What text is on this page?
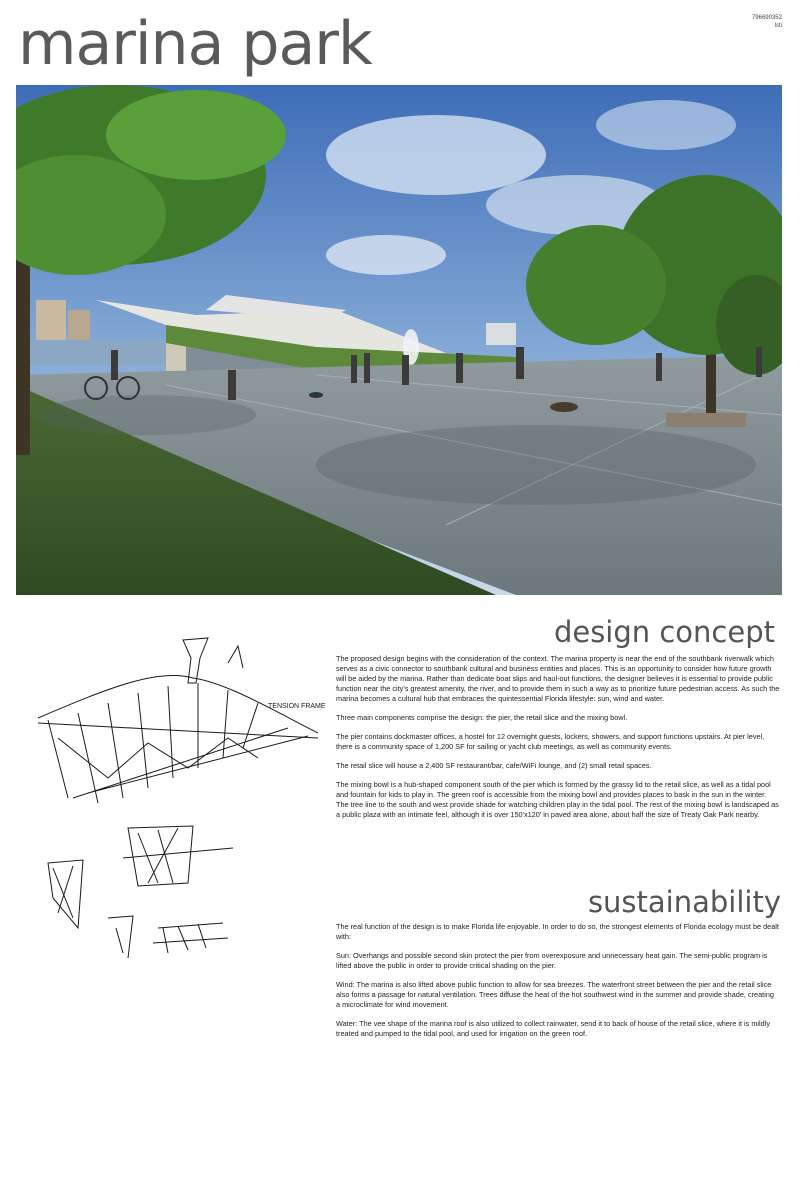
marina park	796690352
lsti
TENSION FRAME
design concept

The proposed design begins with the consideration of the context. The marina property is near the end of the southbank riverwalk which serves as a civic connector to southbank cultural and business entities and places. This is an opportunity to consider how future growth will be aided by the marina. Rather than dedicate boat slips and haul-out functions, the designer believes it is essential to provide public function near the city's greatest amenity, the river, and to provide them in such a way as to prioritize future pedestrian access. As such the marina becomes a cultural hub that embraces the quintessential Florida lifestyle: sun, wind and water.

Three main components comprise the design: the pier, the retail slice and the mixing bowl.

The pier contains dockmaster offices, a hostel for 12 overnight guests, lockers, showers, and support functions upstairs. At pier level, there is a community space of 1,200 SF for sailing or yacht club meetings, as well as community events.

The retail slice will house a 2,400 SF restaurant/bar, cafe/WiFi lounge, and (2) small retail spaces.

The mixing bowl is a hub-shaped component south of the pier which is formed by the grassy lid to the retail slice, as well as a tidal pool and fountain for kids to play in. The green roof is accessible from the mixing bowl and provides places to bask in the sun in the winter. The tree line to the south and west provide shade for watching children play in the tidal pool. The rest of the mixing bowl is landscaped as a public plaza with an intimate feel, although it is over 150'x120' in paved area alone, about half the size of Treaty Oak Park nearby.

sustainability

The real function of the design is to make Florida life enjoyable. In order to do so, the strongest elements of Florida ecology must be dealt with:

Sun: Overhangs and possible second skin protect the pier from overexposure and unnecessary heat gain. The semi-public program is lifted above the public in order to provide critical shading on the pier.

Wind: The marina is also lifted above public function to allow for sea breezes. The waterfront street between the pier and the retail slice also forms a passage for natural ventilation. Trees diffuse the heat of the hot southwest wind in the summer and provide shade, creating a microclimate for wind movement.

Water: The vee shape of the marina roof is also utilized to collect rainwater, send it to back of house of the retail slice, where it is mildly treated and pumped to the tidal pool, and used for irrigation on the green roof.
